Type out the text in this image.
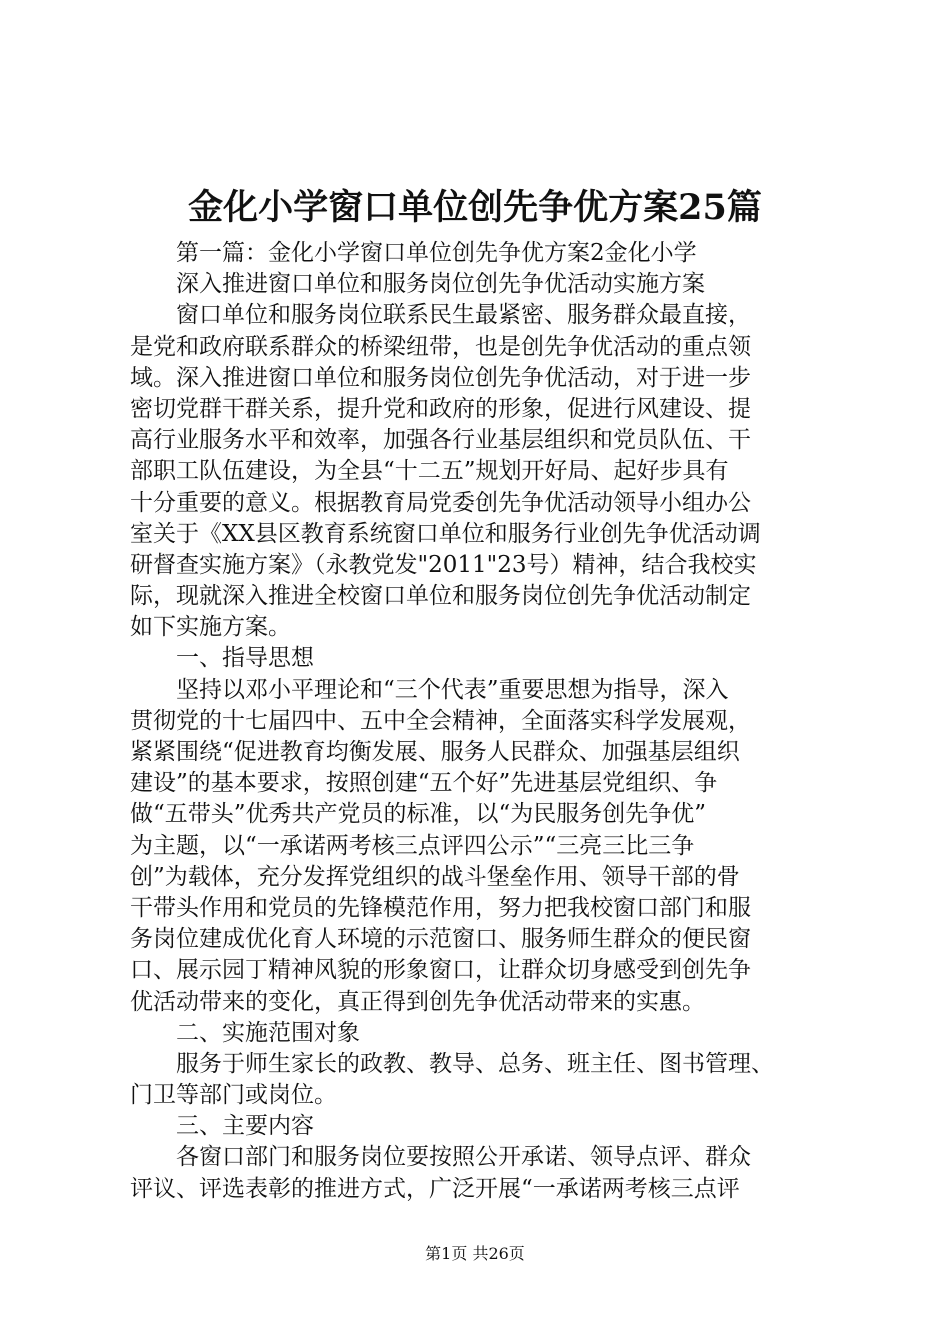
金化小学窗口单位创先争优方案25篇
第一篇：金化小学窗口单位创先争优方案2金化小学
深入推进窗口单位和服务岗位创先争优活动实施方案
窗口单位和服务岗位联系民生最紧密、服务群众最直接，
是党和政府联系群众的桥梁纽带，也是创先争优活动的重点领
域。深入推进窗口单位和服务岗位创先争优活动，对于进一步
密切党群干群关系，提升党和政府的形象，促进行风建设、提
高行业服务水平和效率，加强各行业基层组织和党员队伍、干
部职工队伍建设，为全县“十二五”规划开好局、起好步具有
十分重要的意义。根据教育局党委创先争优活动领导小组办公
室关于《XX县区教育系统窗口单位和服务行业创先争优活动调
研督查实施方案》（永教党发"2011"23号）精神，结合我校实
际，现就深入推进全校窗口单位和服务岗位创先争优活动制定
如下实施方案。
一、指导思想
坚持以邓小平理论和“三个代表”重要思想为指导，深入
贯彻党的十七届四中、五中全会精神，全面落实科学发展观，
紧紧围绕“促进教育均衡发展、服务人民群众、加强基层组织
建设”的基本要求，按照创建“五个好”先进基层党组织、争
做“五带头”优秀共产党员的标准，以“为民服务创先争优”
为主题，以“一承诺两考核三点评四公示”“三亮三比三争
创”为载体，充分发挥党组织的战斗堡垒作用、领导干部的骨
干带头作用和党员的先锋模范作用，努力把我校窗口部门和服
务岗位建成优化育人环境的示范窗口、服务师生群众的便民窗
口、展示园丁精神风貌的形象窗口，让群众切身感受到创先争
优活动带来的变化，真正得到创先争优活动带来的实惠。
二、实施范围对象
服务于师生家长的政教、教导、总务、班主任、图书管理、
门卫等部门或岗位。
三、主要内容
各窗口部门和服务岗位要按照公开承诺、领导点评、群众
评议、评选表彰的推进方式，广泛开展“一承诺两考核三点评
第1页 共26页
